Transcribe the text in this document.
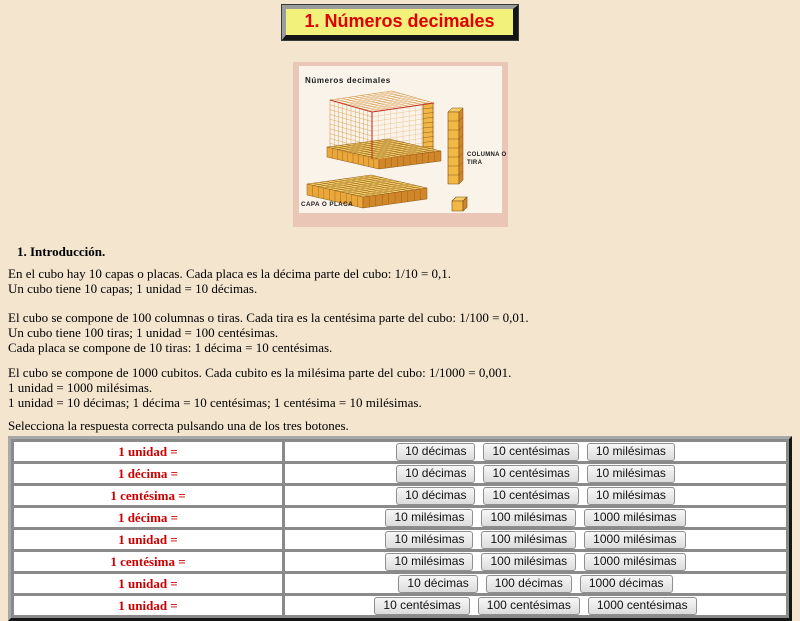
1. Números decimales
Números decimales
CAPA O PLACA
COLUMNA O
TIRA
1. Introducción.
En el cubo hay 10 capas o placas. Cada placa es la décima parte del cubo: 1/10 = 0,1.
Un cubo tiene 10 capas; 1 unidad = 10 décimas.
El cubo se compone de 100 columnas o tiras. Cada tira es la centésima parte del cubo: 1/100 = 0,01.
Un cubo tiene 100 tiras; 1 unidad = 100 centésimas.
Cada placa se compone de 10 tiras: 1 décima = 10 centésimas.
El cubo se compone de 1000 cubitos. Cada cubito es la milésima parte del cubo: 1/1000 = 0,001.
1 unidad = 1000 milésimas.
1 unidad = 10 décimas; 1 décima = 10 centésimas; 1 centésima = 10 milésimas.
Selecciona la respuesta correcta pulsando una de los tres botones.
1 unidad =	10 décimas 10 centésimas 10 milésimas
1 décima =	10 décimas 10 centésimas 10 milésimas
1 centésima =	10 décimas 10 centésimas 10 milésimas
1 décima =	10 milésimas 100 milésimas 1000 milésimas
1 unidad =	10 milésimas 100 milésimas 1000 milésimas
1 centésima =	10 milésimas 100 milésimas 1000 milésimas
1 unidad =	10 décimas 100 décimas 1000 décimas
1 unidad =	10 centésimas 100 centésimas 1000 centésimas
